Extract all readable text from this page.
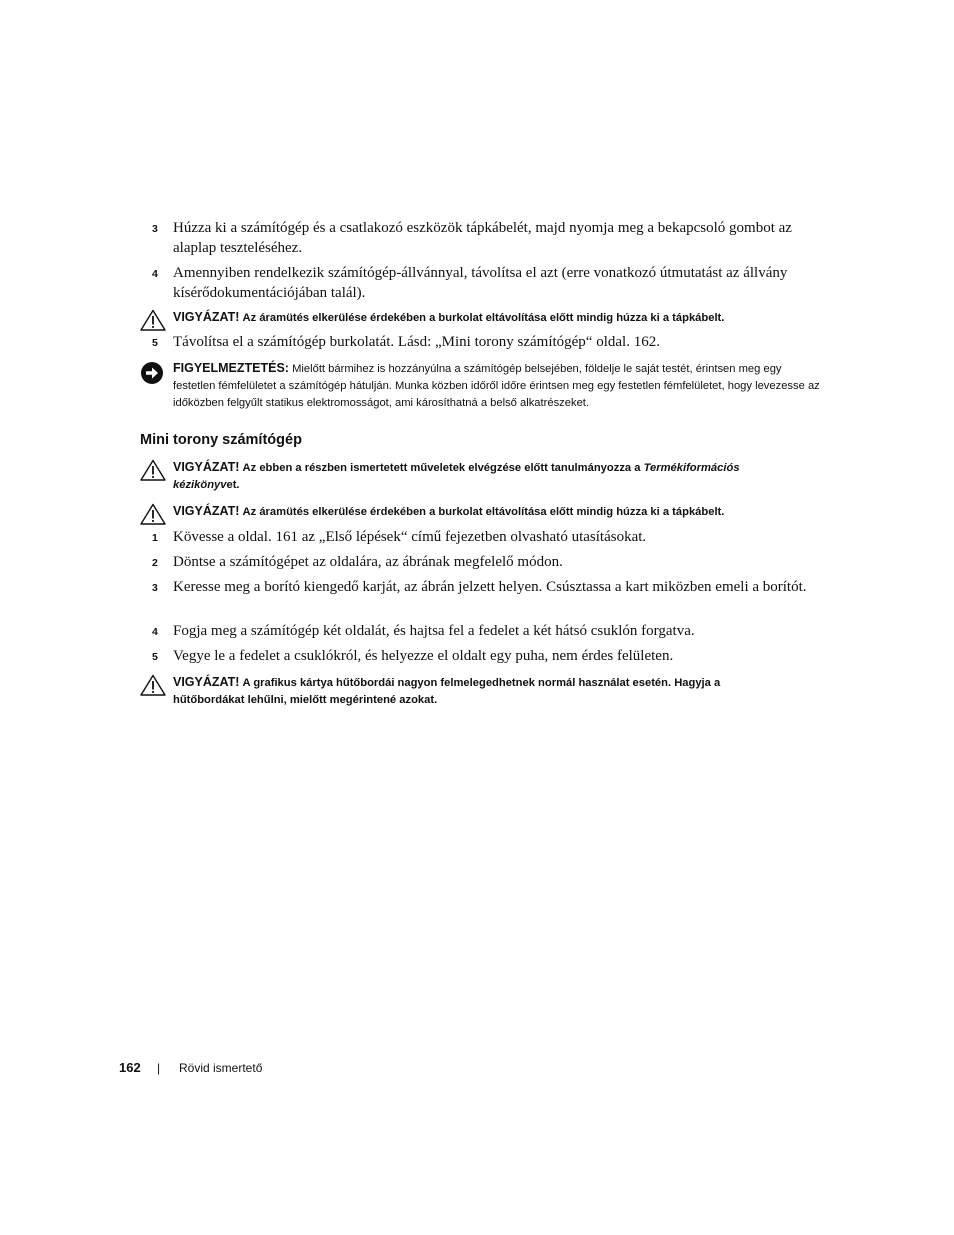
3	Húzza ki a számítógép és a csatlakozó eszközök tápkábelét, majd nyomja meg a bekapcsoló gombot az alaplap teszteléséhez.
4	Amennyiben rendelkezik számítógép-állvánnyal, távolítsa el azt (erre vonatkozó útmutatást az állvány kísérődokumentációjában talál).
VIGYÁZAT! Az áramütés elkerülése érdekében a burkolat eltávolítása előtt mindig húzza ki a tápkábelt.
5	Távolítsa el a számítógép burkolatát. Lásd: „Mini torony számítógép“ oldal. 162.
FIGYELMEZTETÉS: Mielőtt bármihez is hozzányúlna a számítógép belsejében, földelje le saját testét, érintsen meg egy festetlen fémfelületet a számítógép hátulján. Munka közben időről időre érintsen meg egy festetlen fémfelületet, hogy levezesse az időközben felgyűlt statikus elektromosságot, ami károsíthatná a belső alkatrészeket.
Mini torony számítógép
VIGYÁZAT! Az ebben a részben ismertetett műveletek elvégzése előtt tanulmányozza a Termékiformációs kézikönyvet.
VIGYÁZAT! Az áramütés elkerülése érdekében a burkolat eltávolítása előtt mindig húzza ki a tápkábelt.
1	Kövesse a oldal. 161 az „Első lépések“ című fejezetben olvasható utasításokat.
2	Döntse a számítógépet az oldalára, az ábrának megfelelő módon.
3	Keresse meg a borító kiengedő karját, az ábrán jelzett helyen. Csúsztassa a kart miközben emeli a borítót.
4	Fogja meg a számítógép két oldalát, és hajtsa fel a fedelet a két hátsó csuklón forgatva.
5	Vegye le a fedelet a csuklókról, és helyezze el oldalt egy puha, nem érdes felületen.
VIGYÁZAT! A grafikus kártya hűtőbordái nagyon felmelegedhetnek normál használat esetén. Hagyja a hűtőbordákat lehűlni, mielőtt megérintené azokat.
162 | Rövid ismertető
